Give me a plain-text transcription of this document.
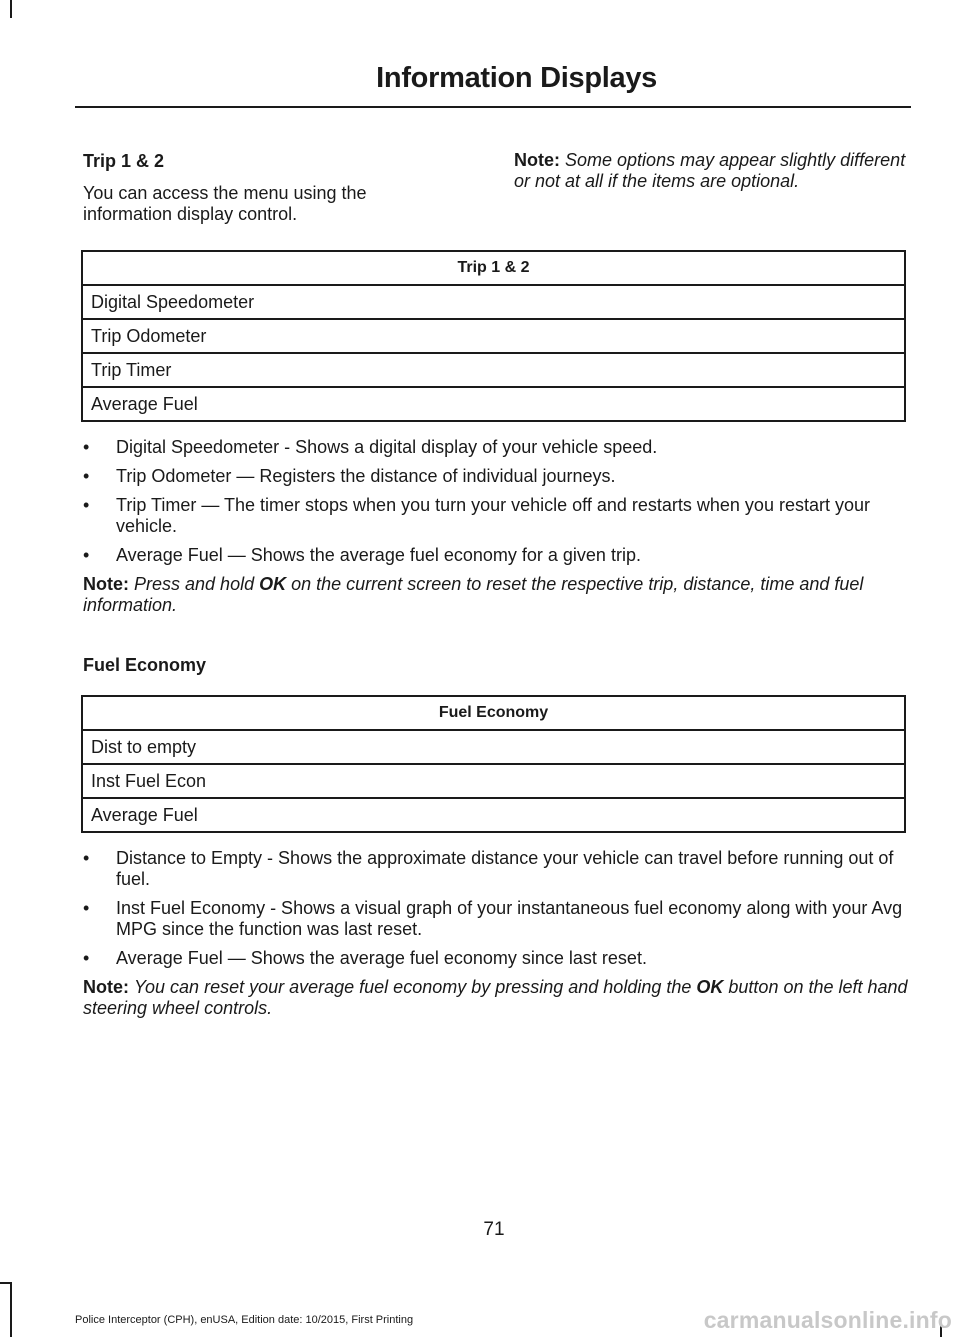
Information Displays
Trip 1 & 2

You can access the menu using the information display control.

Note: Some options may appear slightly different or not at all if the items are optional.

Trip 1 & 2
Digital Speedometer
Trip Odometer
Trip Timer
Average Fuel
• Digital Speedometer - Shows a digital display of your vehicle speed.
• Trip Odometer — Registers the distance of individual journeys.
• Trip Timer — The timer stops when you turn your vehicle off and restarts when you restart your vehicle.
• Average Fuel — Shows the average fuel economy for a given trip.

Note: Press and hold OK on the current screen to reset the respective trip, distance, time and fuel information.

Fuel Economy
Fuel Economy
Dist to empty
Inst Fuel Econ
Average Fuel
• Distance to Empty - Shows the approximate distance your vehicle can travel before running out of fuel.
• Inst Fuel Economy - Shows a visual graph of your instantaneous fuel economy along with your Avg MPG since the function was last reset.
• Average Fuel — Shows the average fuel economy since last reset.

Note: You can reset your average fuel economy by pressing and holding the OK button on the left hand steering wheel controls.

71
Police Interceptor (CPH), enUSA, Edition date: 10/2015, First Printing	carmanualsonline.info
